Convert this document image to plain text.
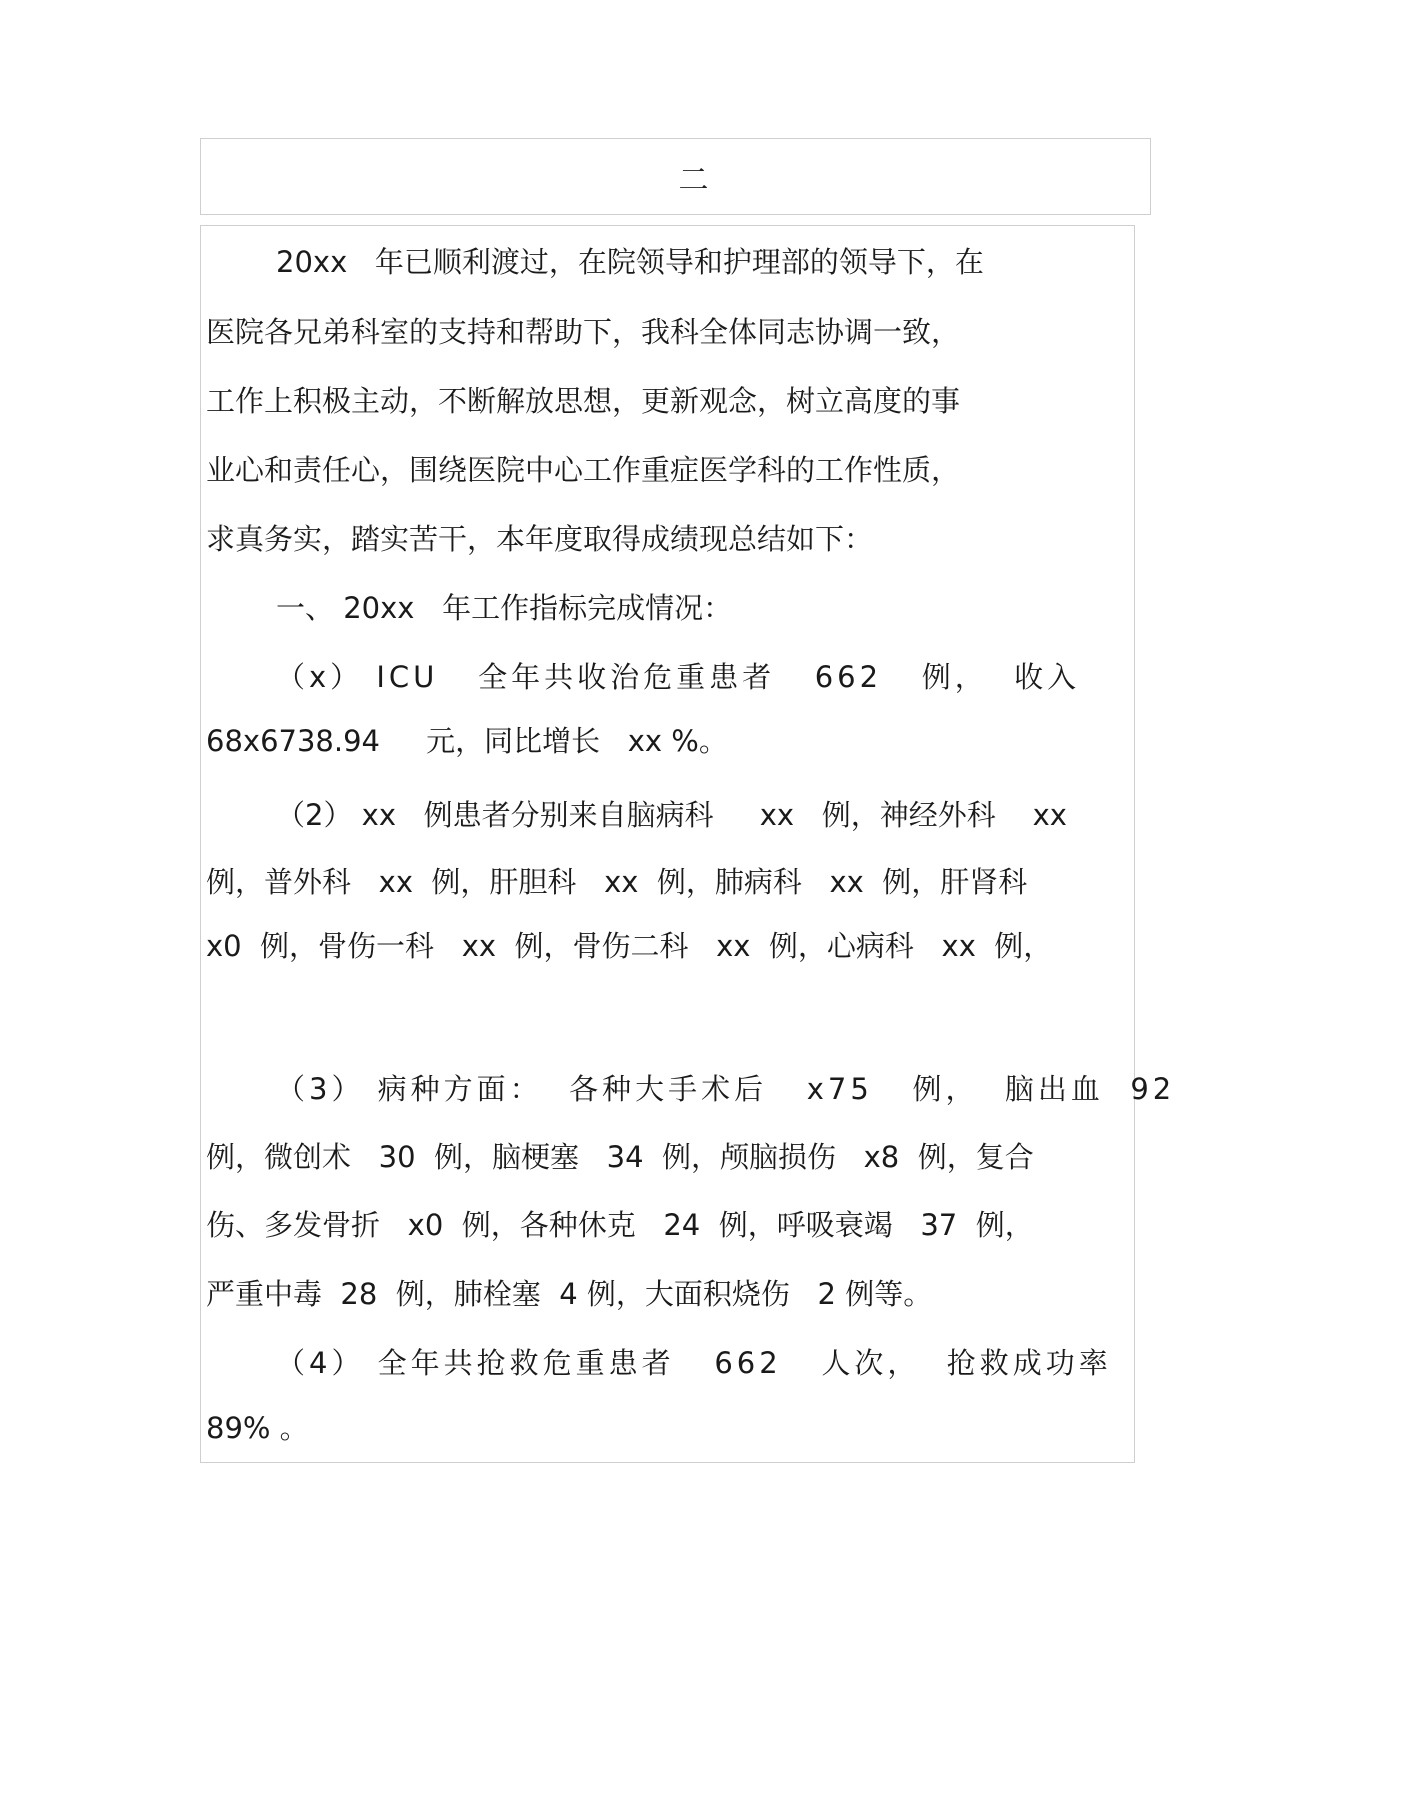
二
20xx   年已顺利渡过，在院领导和护理部的领导下，在
医院各兄弟科室的支持和帮助下，我科全体同志协调一致，
工作上积极主动，不断解放思想，更新观念，树立高度的事
业心和责任心，围绕医院中心工作重症医学科的工作性质，
求真务实，踏实苦干，本年度取得成绩现总结如下：
一、 20xx   年工作指标完成情况：
（x） ICU   全年共收治危重患者   662   例，  收入
68x6738.94     元，同比增长   xx %。
（2） xx   例患者分别来自脑病科     xx   例，神经外科    xx
例，普外科   xx  例，肝胆科   xx  例，肺病科   xx  例，肝肾科
x0  例，骨伤一科   xx  例，骨伤二科   xx  例，心病科   xx  例，
（3） 病种方面：  各种大手术后   x75   例，  脑出血  92
例，微创术   30  例，脑梗塞   34  例，颅脑损伤   x8  例，复合
伤、多发骨折   x0  例，各种休克   24  例，呼吸衰竭   37  例，
严重中毒  28  例，肺栓塞  4 例，大面积烧伤   2 例等。
（4） 全年共抢救危重患者   662   人次，  抢救成功率
89% 。
